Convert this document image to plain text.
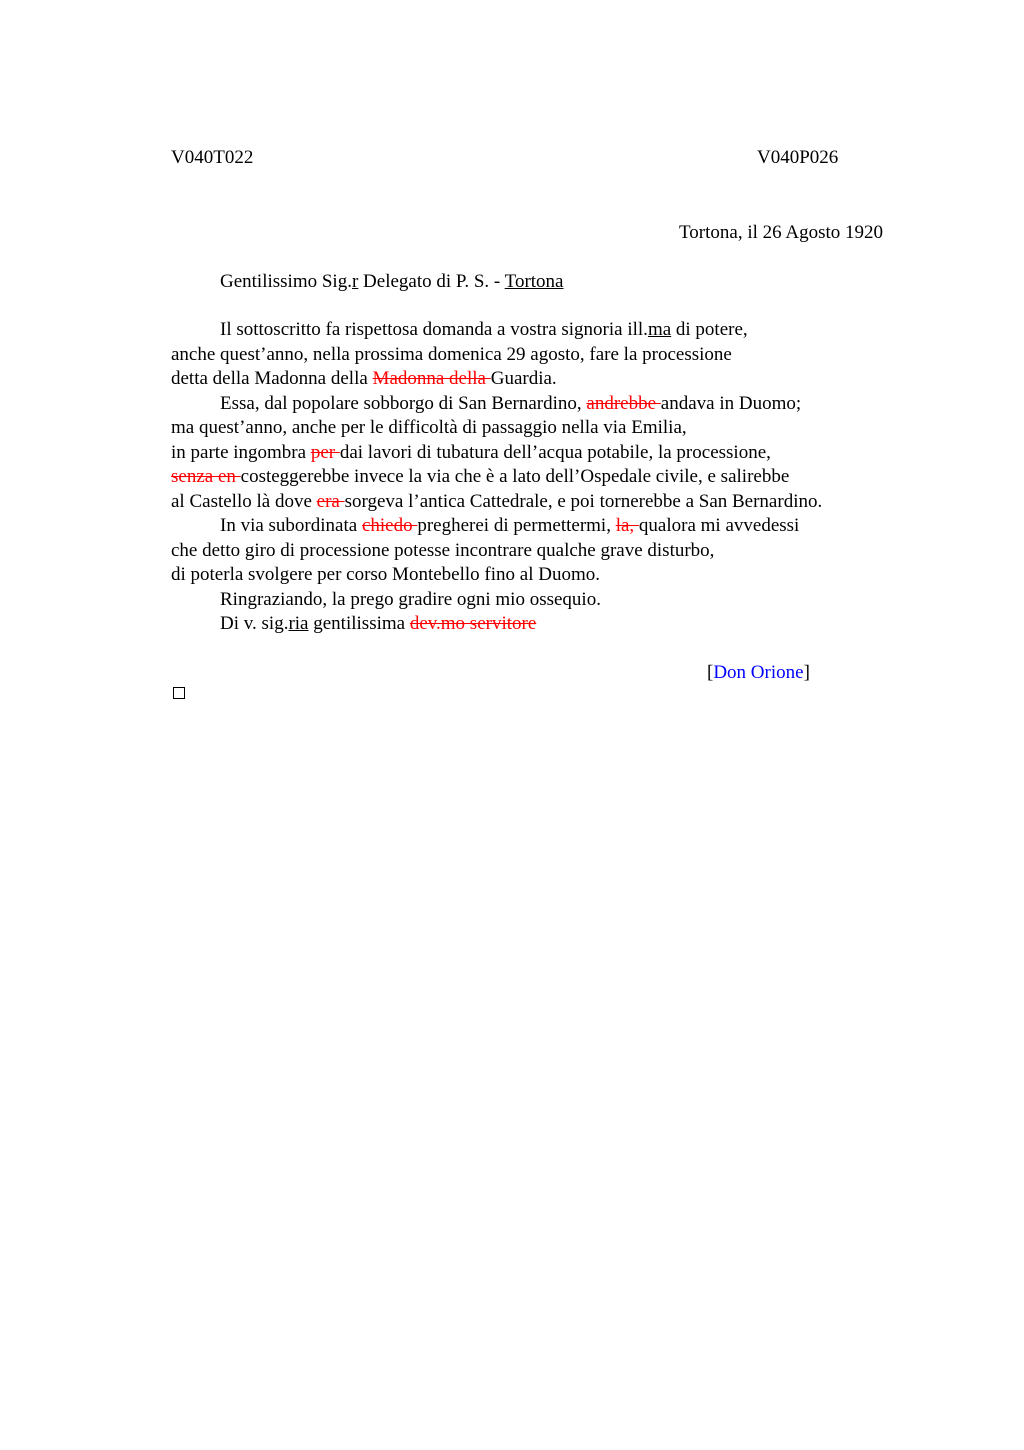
V040T022	V040P026
Tortona, il 26 Agosto 1920
Gentilissimo Sig.r Delegato di P. S. - Tortona
Il sottoscritto fa rispettosa domanda a vostra signoria ill.ma di potere,
anche quest’anno, nella prossima domenica 29 agosto, fare la processione
detta della Madonna della Madonna della Guardia.
Essa, dal popolare sobborgo di San Bernardino, andrebbe andava in Duomo;
ma quest’anno, anche per le difficoltà di passaggio nella via Emilia,
in parte ingombra per dai lavori di tubatura dell’acqua potabile, la processione,
senza en costeggerebbe invece la via che è a lato dell’Ospedale civile, e salirebbe
al Castello là dove era sorgeva l’antica Cattedrale, e poi tornerebbe a San Bernardino.
In via subordinata chiedo pregherei di permettermi, la, qualora mi avvedessi
che detto giro di processione potesse incontrare qualche grave disturbo,
di poterla svolgere per corso Montebello fino al Duomo.
Ringraziando, la prego gradire ogni mio ossequio.
Di v. sig.ria gentilissima dev.mo servitore
[Don Orione]
